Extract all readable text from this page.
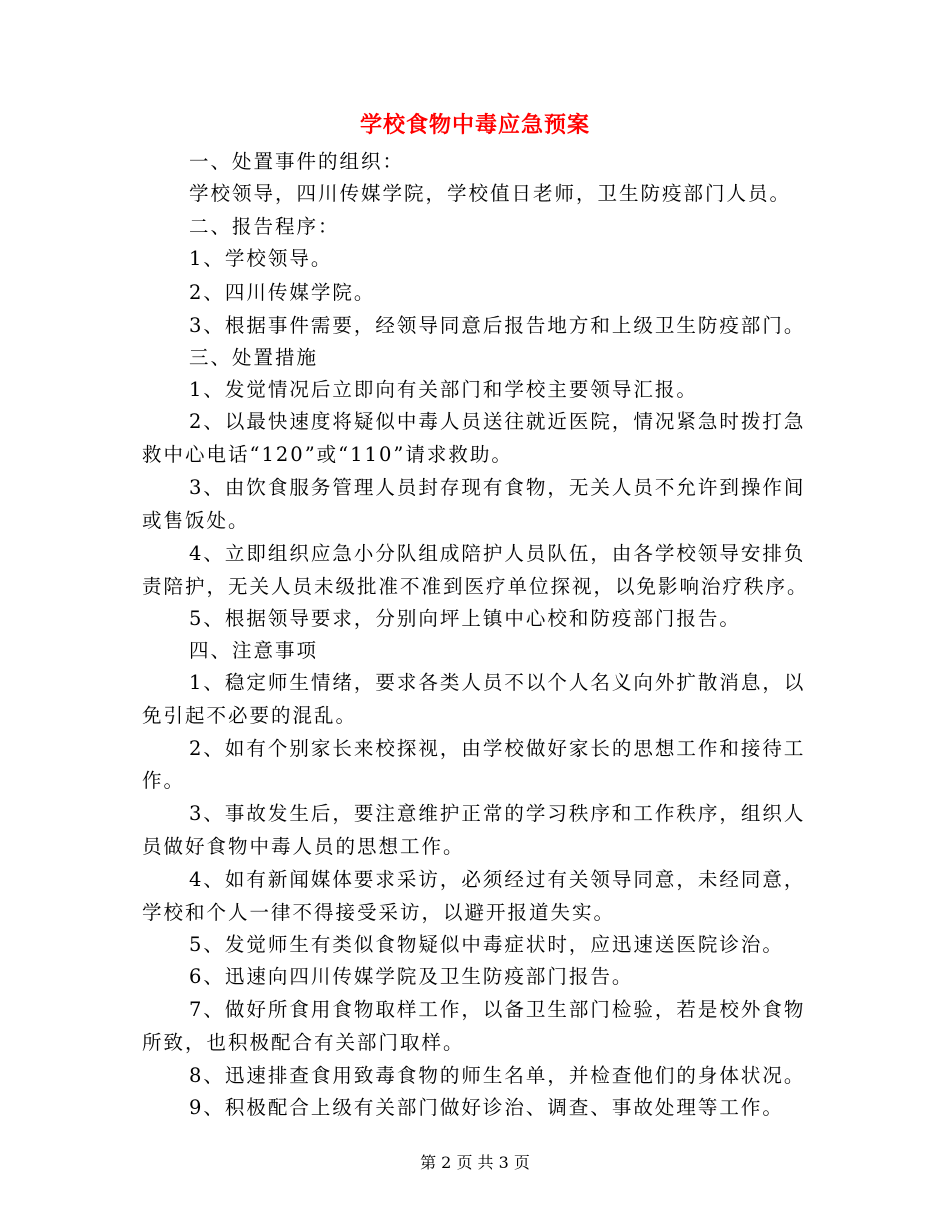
学校食物中毒应急预案
一、处置事件的组织：
学校领导，四川传媒学院，学校值日老师，卫生防疫部门人员。
二、报告程序：
1、学校领导。
2、四川传媒学院。
3、根据事件需要，经领导同意后报告地方和上级卫生防疫部门。
三、处置措施
1、发觉情况后立即向有关部门和学校主要领导汇报。
2、以最快速度将疑似中毒人员送往就近医院，情况紧急时拨打急
救中心电话“120”或“110”请求救助。
3、由饮食服务管理人员封存现有食物，无关人员不允许到操作间
或售饭处。
4、立即组织应急小分队组成陪护人员队伍，由各学校领导安排负
责陪护，无关人员未级批准不准到医疗单位探视，以免影响治疗秩序。
5、根据领导要求，分别向坪上镇中心校和防疫部门报告。
四、注意事项
1、稳定师生情绪，要求各类人员不以个人名义向外扩散消息，以
免引起不必要的混乱。
2、如有个别家长来校探视，由学校做好家长的思想工作和接待工
作。
3、事故发生后，要注意维护正常的学习秩序和工作秩序，组织人
员做好食物中毒人员的思想工作。
4、如有新闻媒体要求采访，必须经过有关领导同意，未经同意，
学校和个人一律不得接受采访，以避开报道失实。
5、发觉师生有类似食物疑似中毒症状时，应迅速送医院诊治。
6、迅速向四川传媒学院及卫生防疫部门报告。
7、做好所食用食物取样工作，以备卫生部门检验，若是校外食物
所致，也积极配合有关部门取样。
8、迅速排查食用致毒食物的师生名单，并检查他们的身体状况。
9、积极配合上级有关部门做好诊治、调查、事故处理等工作。
第 2 页 共 3 页
